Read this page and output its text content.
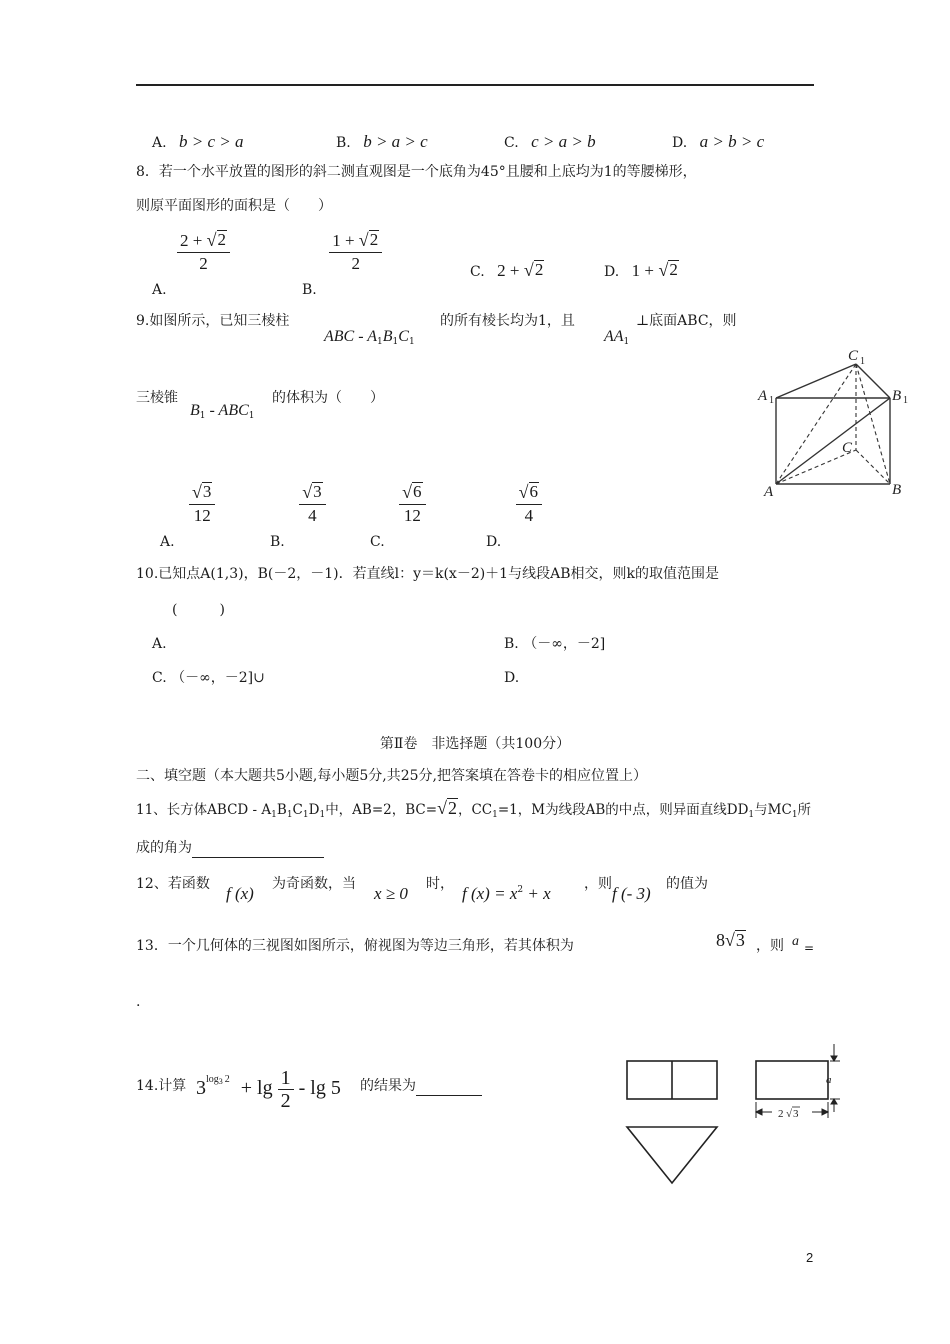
A. b > c > a	B. b > a > c	C. c > a > b	D. a > b > c
8．若一个水平放置的图形的斜二测直观图是一个底角为45°且腰和上底均为1的等腰梯形，
则原平面图形的面积是（　　）
A.
$\frac{2 + √ 2}{2}$
B.
$\frac{1 + √ 2}{2}$	C. 2 + √ 2	D. 1 + √ 2
9.如图所示，已知三棱柱
ABC - $A_1B_1C_1$
的所有棱长均为1，且
$AA_1$
⊥底面ABC，则
三棱锥
$B_1 - ABC_1$
的体积为（　　）
C 1
A 1	B 1
C
A	B
A.
$\frac{√ 3}{12}$
B.
$\frac{√ 3}{4}$
C.
$\frac{√ 6}{12}$
D.
$\frac{√ 6}{4}$
10.已知点A(1,3)，B(－2，－1)．若直线l：y＝k(x－2)＋1与线段AB相交，则k的取值范围是
(　　　)
A.	B. （－∞，－2]
C. （－∞，－2]∪	D.
第Ⅱ卷　非选择题（共100分）
二、填空题（本大题共5小题,每小题5分,共25分,把答案填在答卷卡的相应位置上）
11、长方体ABCD - $A_1B_1C_1D_1$中，AB=2，BC= √ 2 ，$CC_1=1$，M为线段AB的中点，则异面直线$DD_1$与$MC_1$所
成的角为
12、若函数 f (x) 为奇函数，当 x ≥ 0 时， f $(x) = x^2 + x$ ，则 f (- 3) 的值为
13．一个几何体的三视图如图所示，俯视图为等边三角形，若其体积为	8 √ 3 ，则 a =
.
14.计算 $3^{log3}$ $^2 + \lg \frac{1}{2} - \lg 5$ 的结果为	a
2 √ 3
2
